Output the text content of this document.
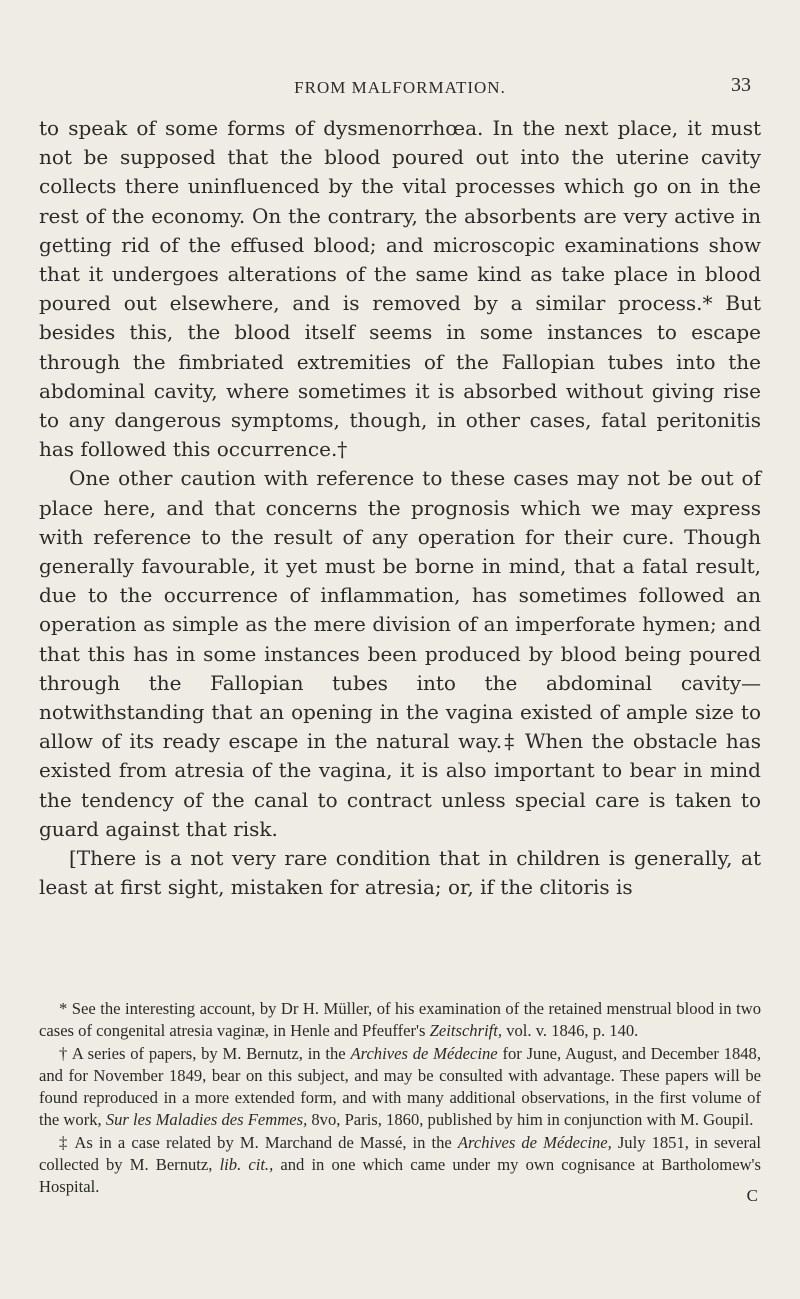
FROM MALFORMATION.	33

to speak of some forms of dysmenorrhœa. In the next place, it must not be supposed that the blood poured out into the uterine cavity collects there uninfluenced by the vital processes which go on in the rest of the economy. On the contrary, the absorbents are very active in getting rid of the effused blood; and microscopic examinations show that it undergoes alterations of the same kind as take place in blood poured out elsewhere, and is removed by a similar process.* But besides this, the blood itself seems in some instances to escape through the fimbriated extremities of the Fallopian tubes into the abdominal cavity, where sometimes it is absorbed without giving rise to any dangerous symptoms, though, in other cases, fatal peritonitis has followed this occurrence.†

One other caution with reference to these cases may not be out of place here, and that concerns the prognosis which we may express with reference to the result of any operation for their cure. Though generally favourable, it yet must be borne in mind, that a fatal result, due to the occurrence of inflammation, has sometimes followed an operation as simple as the mere division of an imperforate hymen; and that this has in some instances been produced by blood being poured through the Fallopian tubes into the abdominal cavity—notwithstanding that an opening in the vagina existed of ample size to allow of its ready escape in the natural way.‡ When the obstacle has existed from atresia of the vagina, it is also important to bear in mind the tendency of the canal to contract unless special care is taken to guard against that risk.

[There is a not very rare condition that in children is generally, at least at first sight, mistaken for atresia; or, if the clitoris is

* See the interesting account, by Dr H. Müller, of his examination of the retained menstrual blood in two cases of congenital atresia vaginæ, in Henle and Pfeuffer's Zeitschrift, vol. v. 1846, p. 140.

† A series of papers, by M. Bernutz, in the Archives de Médecine for June, August, and December 1848, and for November 1849, bear on this subject, and may be consulted with advantage. These papers will be found reproduced in a more extended form, and with many additional observations, in the first volume of the work, Sur les Maladies des Femmes, 8vo, Paris, 1860, published by him in conjunction with M. Goupil.

‡ As in a case related by M. Marchand de Massé, in the Archives de Médecine, July 1851, in several collected by M. Bernutz, lib. cit., and in one which came under my own cognisance at Bartholomew's Hospital.	C
